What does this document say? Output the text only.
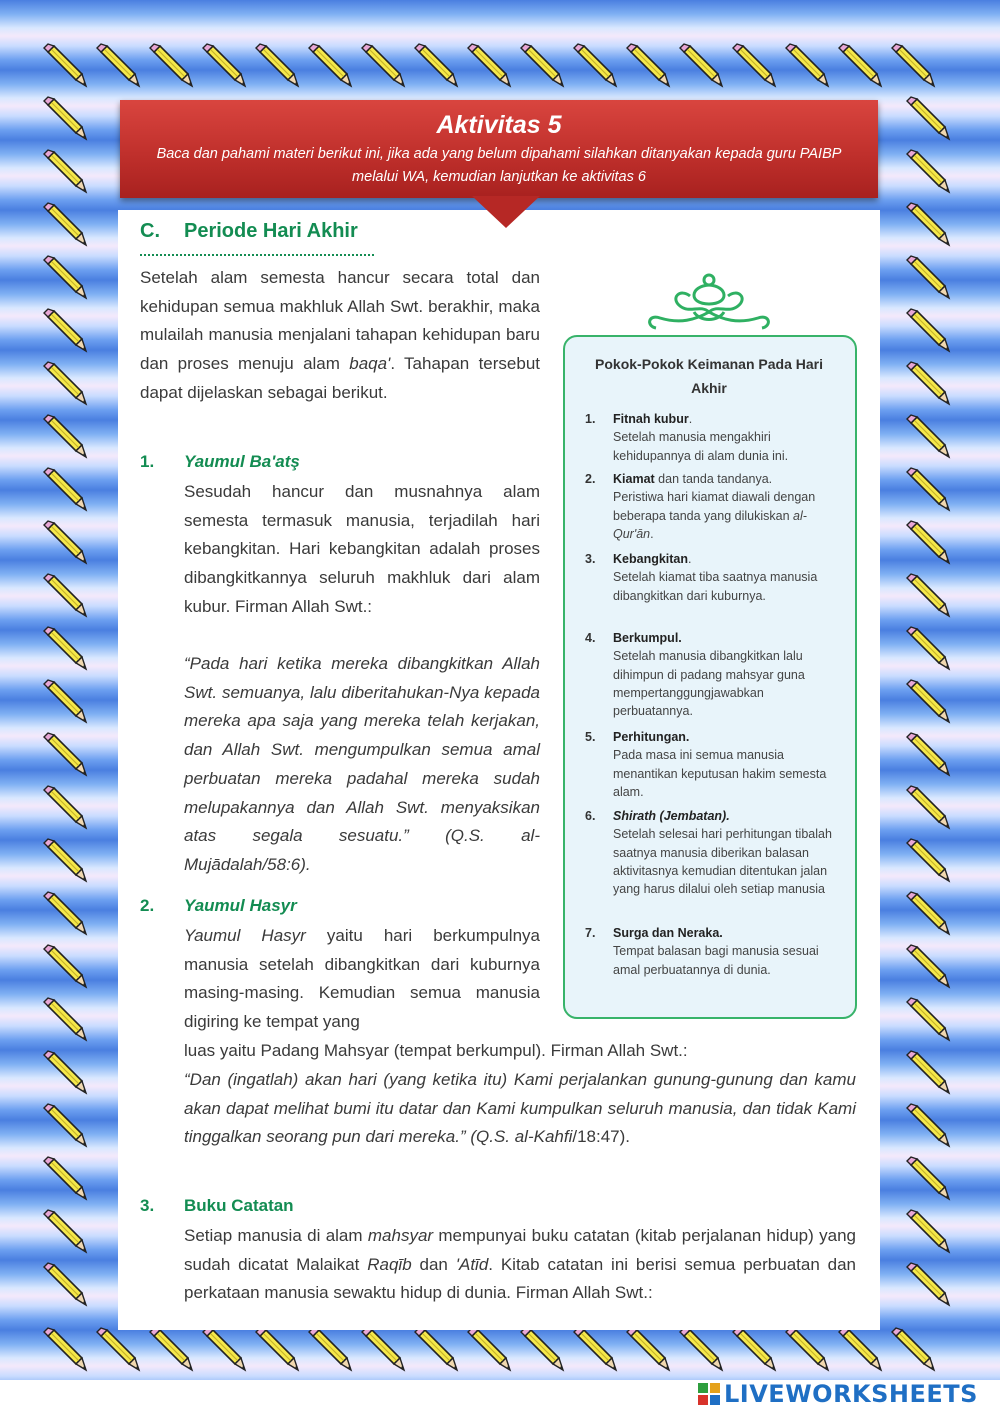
Aktivitas 5
Baca dan pahami materi berikut ini, jika ada yang belum dipahami silahkan ditanyakan kepada guru PAIBP melalui WA, kemudian lanjutkan ke aktivitas 6
C. Periode Hari Akhir
Setelah alam semesta hancur secara total dan kehidupan semua makhluk Allah Swt. berakhir, maka mulailah manusia menjalani tahapan kehidupan baru dan proses menuju alam baqa'. Tahapan tersebut dapat dijelaskan sebagai berikut.
1. Yaumul Ba'atş
Sesudah hancur dan musnahnya alam semesta termasuk manusia, terjadilah hari kebangkitan. Hari kebangkitan adalah proses dibangkitkannya seluruh makhluk dari alam kubur. Firman Allah Swt.:
“Pada hari ketika mereka dibangkitkan Allah Swt. semuanya, lalu diberitahukan-Nya kepada mereka apa saja yang mereka telah kerjakan, dan Allah Swt. mengumpulkan semua amal perbuatan mereka padahal mereka sudah melupakannya dan Allah Swt. menyaksikan atas segala sesuatu.” (Q.S. al-Mujādalah/58:6).
2. Yaumul Hasyr
Yaumul Hasyr yaitu hari berkumpulnya manusia setelah dibangkitkan dari kuburnya masing-masing. Kemudian semua manusia digiring ke tempat yang
luas yaitu Padang Mahsyar (tempat berkumpul). Firman Allah Swt.:
“Dan (ingatlah) akan hari (yang ketika itu) Kami perjalankan gunung-gunung dan kamu akan dapat melihat bumi itu datar dan Kami kumpulkan seluruh manusia, dan tidak Kami tinggalkan seorang pun dari mereka.” (Q.S. al-Kahfi/18:47).
3. Buku Catatan
Setiap manusia di alam mahsyar mempunyai buku catatan (kitab perjalanan hidup) yang sudah dicatat Malaikat Raqīb dan 'Atīd. Kitab catatan ini berisi semua perbuatan dan perkataan manusia sewaktu hidup di dunia. Firman Allah Swt.:
Pokok-Pokok Keimanan Pada Hari Akhir
1.	Fitnah kubur.
Setelah manusia mengakhiri kehidupannya di alam dunia ini.
2.	Kiamat dan tanda tandanya.
Peristiwa hari kiamat diawali dengan beberapa tanda yang dilukiskan al-Qur'ān.
3.	Kebangkitan.
Setelah kiamat tiba saatnya manusia dibangkitkan dari kuburnya.
4.	Berkumpul.
Setelah manusia dibangkitkan lalu dihimpun di padang mahsyar guna mempertanggungjawabkan perbuatannya.
5.	Perhitungan.
Pada masa ini semua manusia menantikan keputusan hakim semesta alam.
6.	Shirath (Jembatan).
Setelah selesai hari perhitungan tibalah saatnya manusia diberikan balasan aktivitasnya kemudian ditentukan jalan yang harus dilalui oleh setiap manusia
7.	Surga dan Neraka.
Tempat balasan bagi manusia sesuai amal perbuatannya di dunia.
LIVEWORKSHEETS
